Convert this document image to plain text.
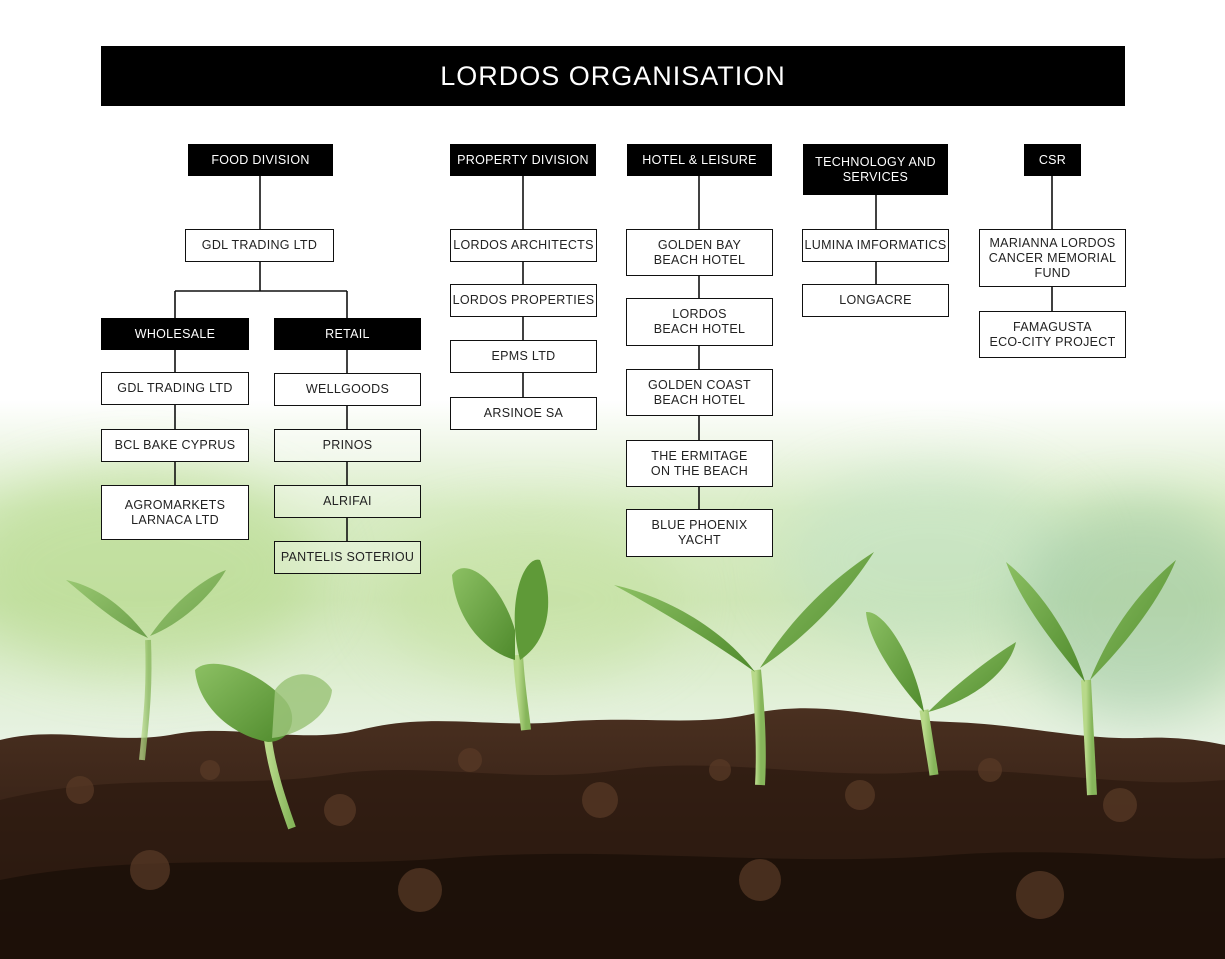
LORDOS ORGANISATION
FOOD DIVISION
GDL TRADING LTD
WHOLESALE
GDL TRADING LTD
BCL BAKE CYPRUS
AGROMARKETS
LARNACA LTD
RETAIL
WELLGOODS
PRINOS
ALRIFAI
PANTELIS SOTERIOU
PROPERTY DIVISION
LORDOS ARCHITECTS
LORDOS PROPERTIES
EPMS LTD
ARSINOE SA
HOTEL & LEISURE
GOLDEN BAY
BEACH HOTEL
LORDOS
BEACH HOTEL
GOLDEN COAST
BEACH HOTEL
THE ERMITAGE
ON THE BEACH
BLUE PHOENIX
YACHT
TECHNOLOGY AND
SERVICES
LUMINA IMFORMATICS
LONGACRE
CSR
MARIANNA LORDOS
CANCER MEMORIAL
FUND
FAMAGUSTA
ECO-CITY PROJECT
